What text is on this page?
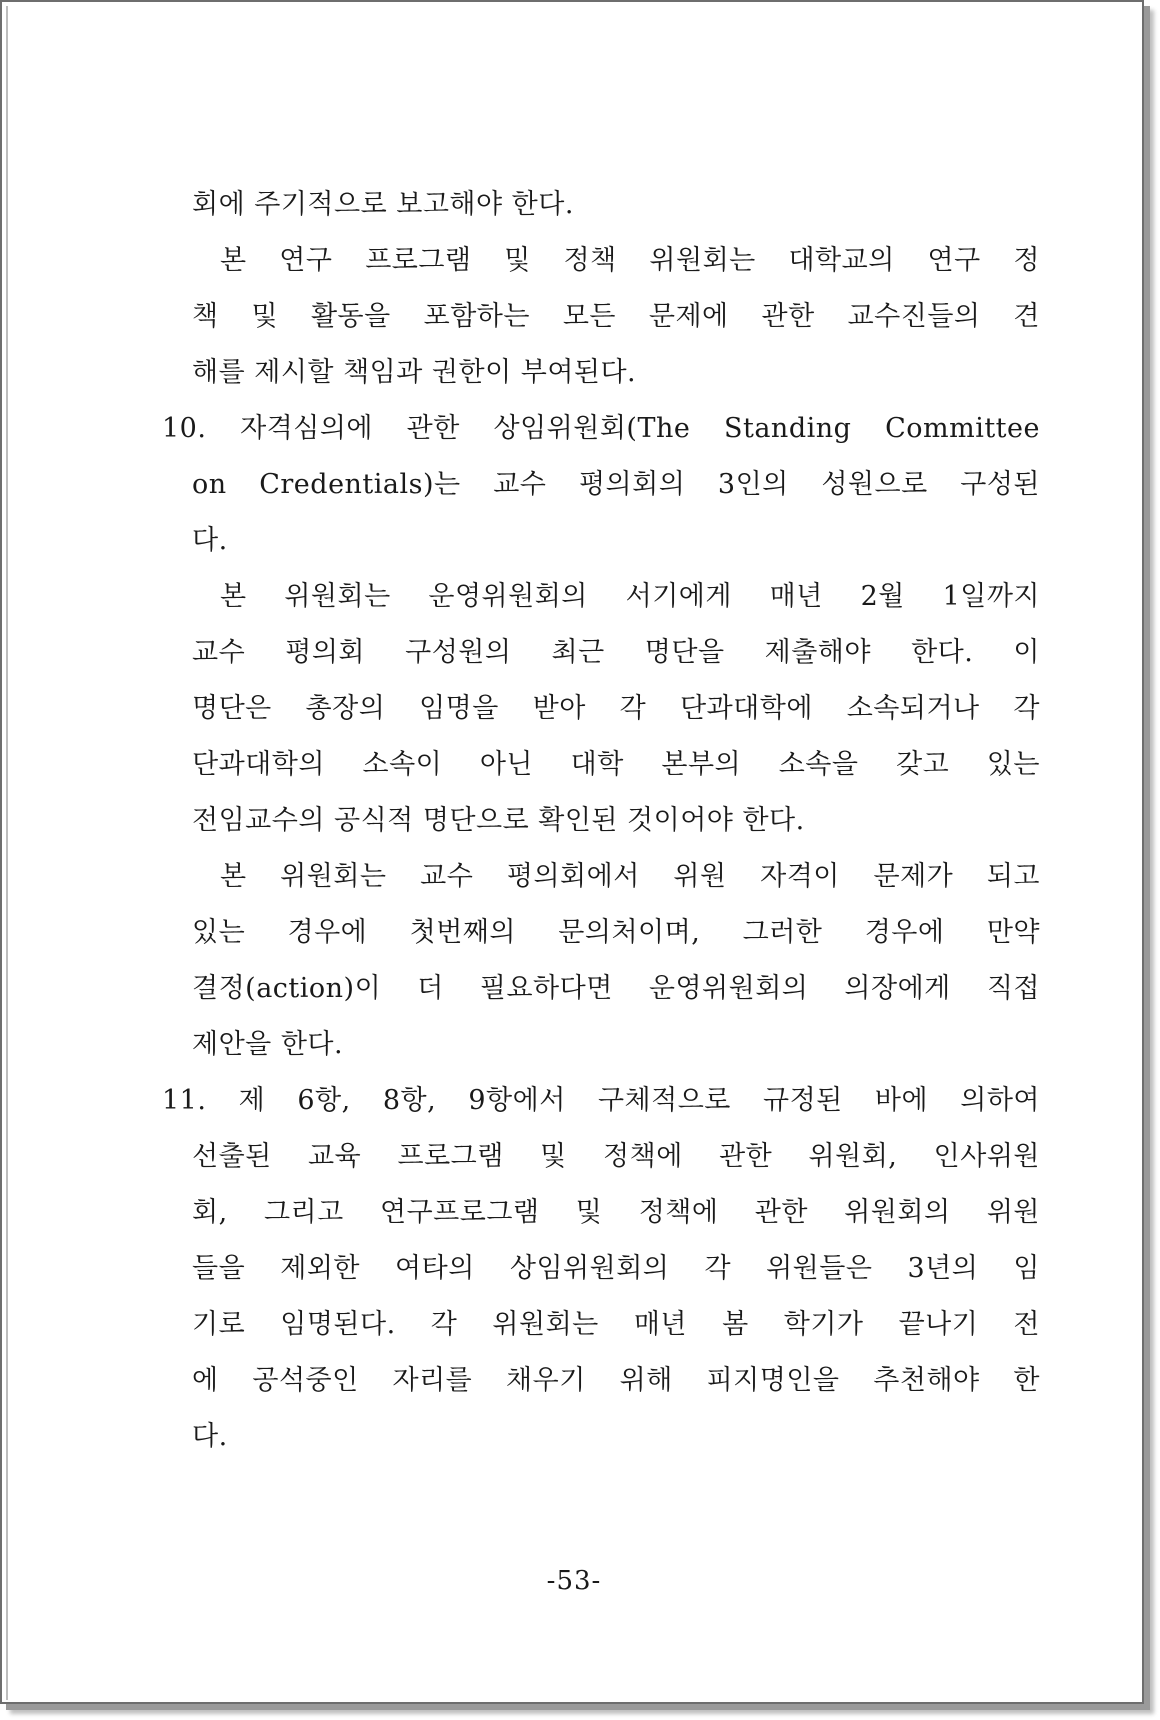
회에 주기적으로 보고해야 한다.
본 연구 프로그램 및 정책 위원회는 대학교의 연구 정
책 및 활동을 포함하는 모든 문제에 관한 교수진들의 견
해를 제시할 책임과 권한이 부여된다.
10. 자격심의에 관한 상임위원회(The Standing Committee
on Credentials)는 교수 평의회의 3인의 성원으로 구성된
다.
본 위원회는 운영위원회의 서기에게 매년 2월 1일까지
교수 평의회 구성원의 최근 명단을 제출해야 한다. 이
명단은 총장의 임명을 받아 각 단과대학에 소속되거나 각
단과대학의 소속이 아닌 대학 본부의 소속을 갖고 있는
전임교수의 공식적 명단으로 확인된 것이어야 한다.
본 위원회는 교수 평의회에서 위원 자격이 문제가 되고
있는 경우에 첫번째의 문의처이며, 그러한 경우에 만약
결정(action)이 더 필요하다면 운영위원회의 의장에게 직접
제안을 한다.
11. 제 6항, 8항, 9항에서 구체적으로 규정된 바에 의하여
선출된 교육 프로그램 및 정책에 관한 위원회, 인사위원
회, 그리고 연구프로그램 및 정책에 관한 위원회의 위원
들을 제외한 여타의 상임위원회의 각 위원들은 3년의 임
기로 임명된다. 각 위원회는 매년 봄 학기가 끝나기 전
에 공석중인 자리를 채우기 위해 피지명인을 추천해야 한
다.
-53-
